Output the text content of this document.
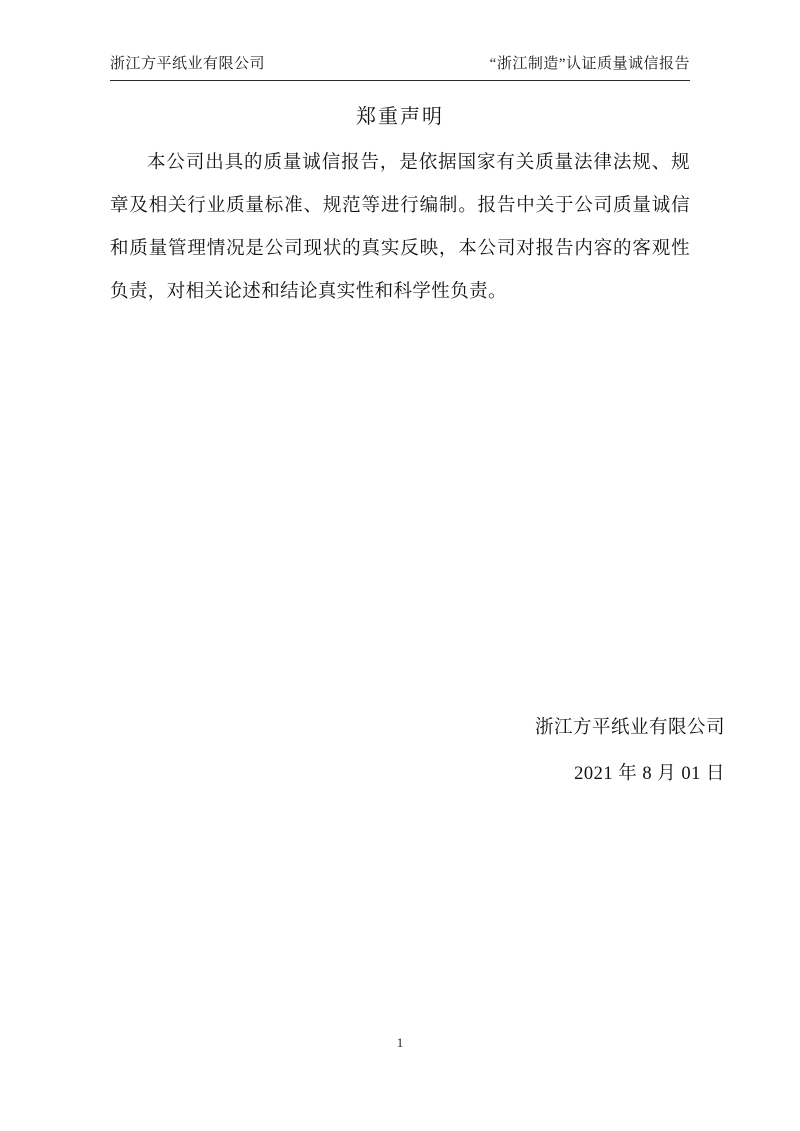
浙江方平纸业有限公司	“浙江制造”认证质量诚信报告
郑重声明
本公司出具的质量诚信报告，是依据国家有关质量法律法规、规章及相关行业质量标准、规范等进行编制。报告中关于公司质量诚信和质量管理情况是公司现状的真实反映，本公司对报告内容的客观性负责，对相关论述和结论真实性和科学性负责。
浙江方平纸业有限公司
2021 年 8 月 01 日
1
